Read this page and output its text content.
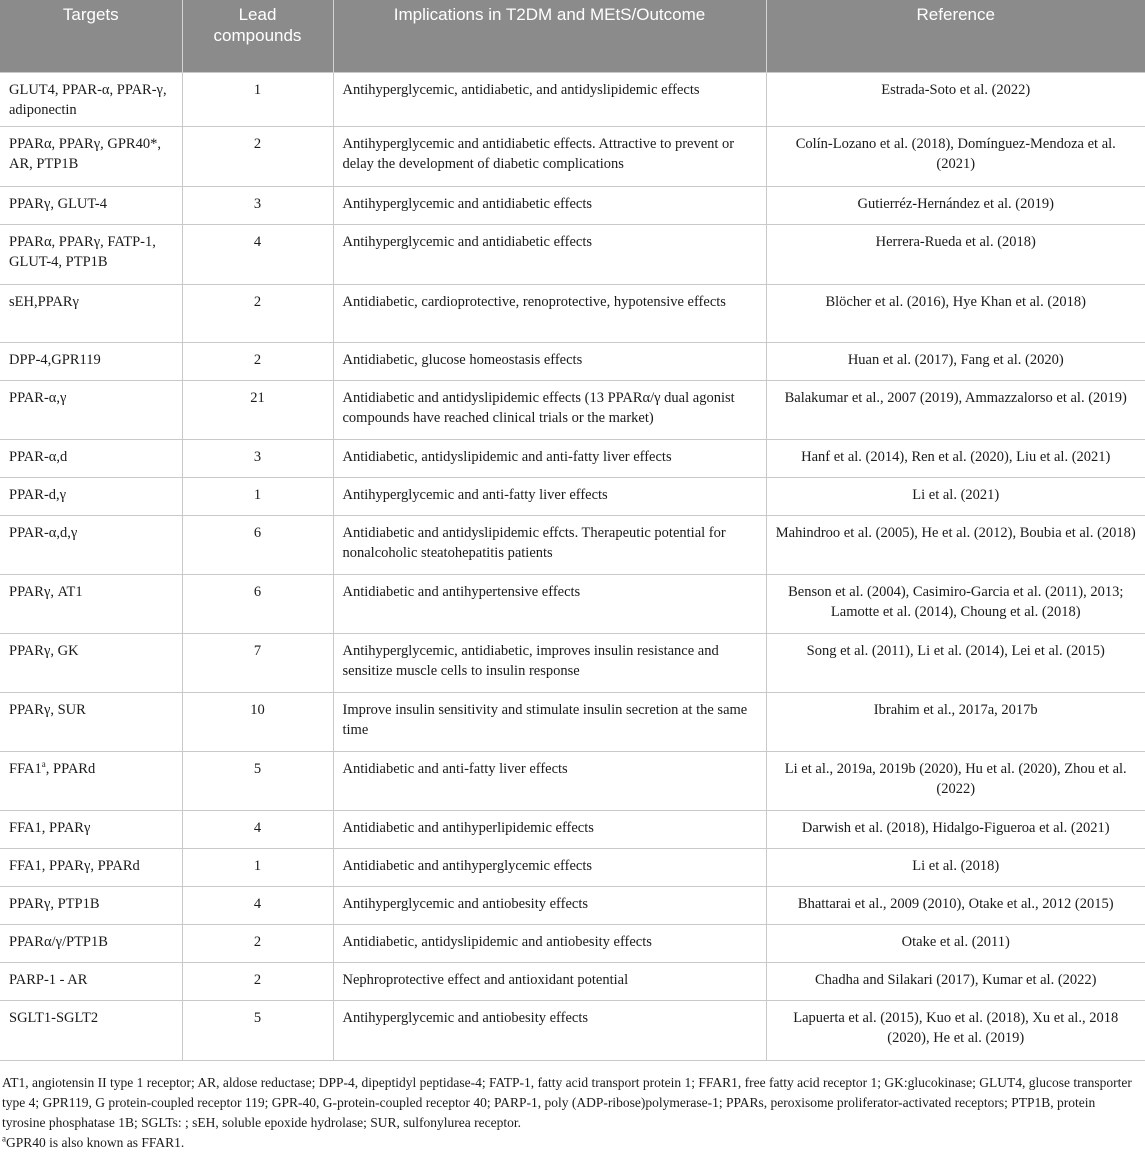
Targets	Lead compounds	Implications in T2DM and MEtS/Outcome	Reference
GLUT4, PPAR-α, PPAR-γ, adiponectin	1	Antihyperglycemic, antidiabetic, and antidyslipidemic effects	Estrada-Soto et al. (2022)
PPARα, PPARγ, GPR40*, AR, PTP1B	2	Antihyperglycemic and antidiabetic effects. Attractive to prevent or delay the development of diabetic complications	Colín-Lozano et al. (2018), Domínguez-Mendoza et al. (2021)
PPARγ, GLUT-4	3	Antihyperglycemic and antidiabetic effects	Gutierréz-Hernández et al. (2019)
PPARα, PPARγ, FATP-1, GLUT-4, PTP1B	4	Antihyperglycemic and antidiabetic effects	Herrera-Rueda et al. (2018)
sEH,PPARγ	2	Antidiabetic, cardioprotective, renoprotective, hypotensive effects	Blöcher et al. (2016), Hye Khan et al. (2018)
DPP-4,GPR119	2	Antidiabetic, glucose homeostasis effects	Huan et al. (2017), Fang et al. (2020)
PPAR-α,γ	21	Antidiabetic and antidyslipidemic effects (13 PPARα/γ dual agonist compounds have reached clinical trials or the market)	Balakumar et al., 2007 (2019), Ammazzalorso et al. (2019)
PPAR-α,d	3	Antidiabetic, antidyslipidemic and anti-fatty liver effects	Hanf et al. (2014), Ren et al. (2020), Liu et al. (2021)
PPAR-d,γ	1	Antihyperglycemic and anti-fatty liver effects	Li et al. (2021)
PPAR-α,d,γ	6	Antidiabetic and antidyslipidemic effcts. Therapeutic potential for nonalcoholic steatohepatitis patients	Mahindroo et al. (2005), He et al. (2012), Boubia et al. (2018)
PPARγ, AT1	6	Antidiabetic and antihypertensive effects	Benson et al. (2004), Casimiro-Garcia et al. (2011), 2013; Lamotte et al. (2014), Choung et al. (2018)
PPARγ, GK	7	Antihyperglycemic, antidiabetic, improves insulin resistance and sensitize muscle cells to insulin response	Song et al. (2011), Li et al. (2014), Lei et al. (2015)
PPARγ, SUR	10	Improve insulin sensitivity and stimulate insulin secretion at the same time	Ibrahim et al., 2017a, 2017b
FFA1$^a$, PPARd	5	Antidiabetic and anti-fatty liver effects	Li et al., 2019a, 2019b (2020), Hu et al. (2020), Zhou et al. (2022)
FFA1, PPARγ	4	Antidiabetic and antihyperlipidemic effects	Darwish et al. (2018), Hidalgo-Figueroa et al. (2021)
FFA1, PPARγ, PPARd	1	Antidiabetic and antihyperglycemic effects	Li et al. (2018)
PPARγ, PTP1B	4	Antihyperglycemic and antiobesity effects	Bhattarai et al., 2009 (2010), Otake et al., 2012 (2015)
PPARα/γ/PTP1B	2	Antidiabetic, antidyslipidemic and antiobesity effects	Otake et al. (2011)
PARP-1 - AR	2	Nephroprotective effect and antioxidant potential	Chadha and Silakari (2017), Kumar et al. (2022)
SGLT1-SGLT2	5	Antihyperglycemic and antiobesity effects	Lapuerta et al. (2015), Kuo et al. (2018), Xu et al., 2018 (2020), He et al. (2019)
AT1, angiotensin II type 1 receptor; AR, aldose reductase; DPP-4, dipeptidyl peptidase-4; FATP-1, fatty acid transport protein 1; FFAR1, free fatty acid receptor 1; GK:glucokinase; GLUT4, glucose transporter type 4; GPR119, G protein-coupled receptor 119; GPR-40, G-protein-coupled receptor 40; PARP-1, poly (ADP-ribose)polymerase-1; PPARs, peroxisome proliferator-activated receptors; PTP1B, protein tyrosine phosphatase 1B; SGLTs: ; sEH, soluble epoxide hydrolase; SUR, sulfonylurea receptor.
$^a$GPR40 is also known as FFAR1.
